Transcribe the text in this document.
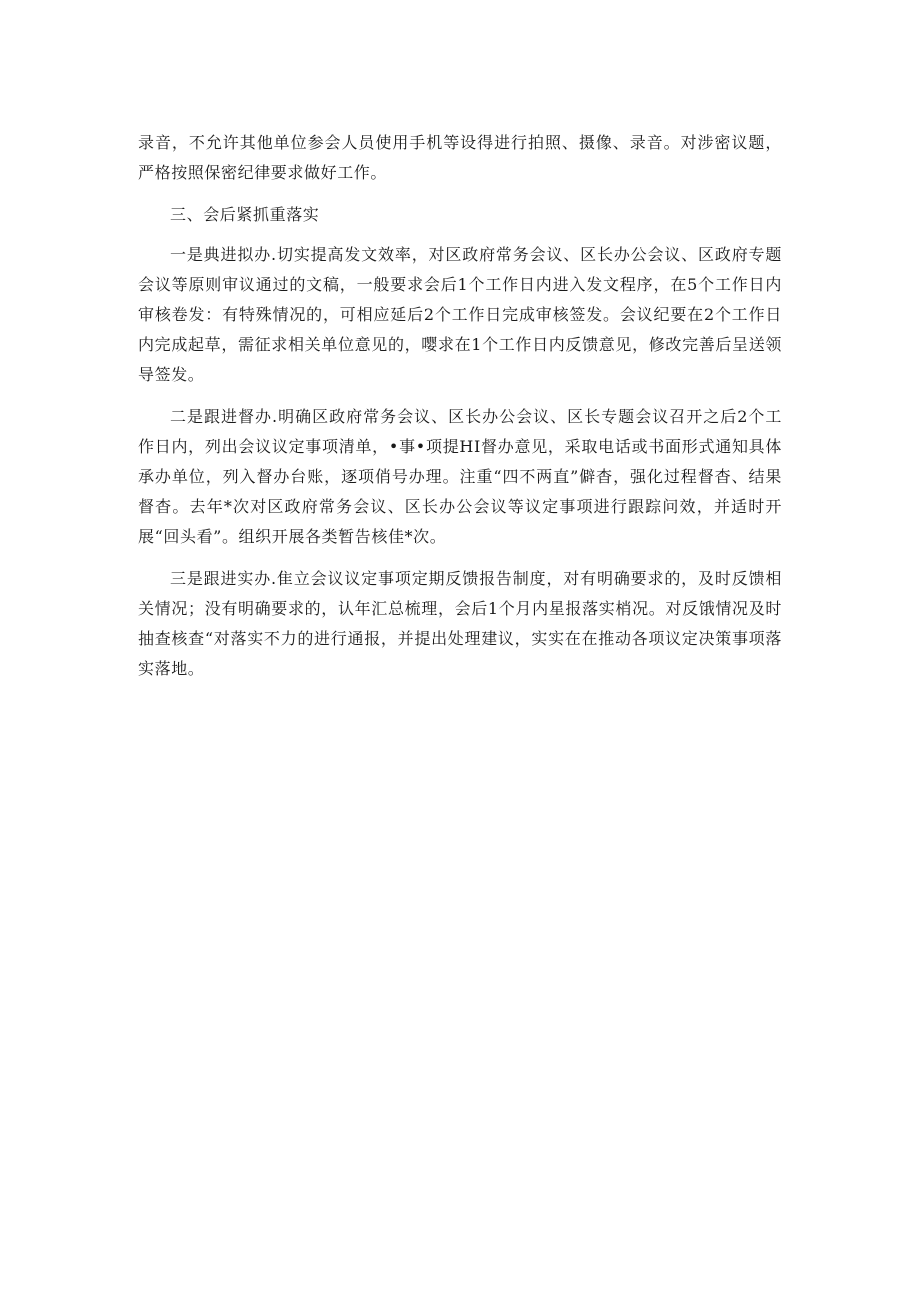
录音，不允许其他单位参会人员使用手机等设得进行拍照、摄像、录音。对涉密议题，严格按照保密纪律要求做好工作。

三、会后紧抓重落实

一是典进拟办.切实提高发文效率，对区政府常务会议、区长办公会议、区政府专题会议等原则审议通过的文稿，一般要求会后1个工作日内进入发文程序，在5个工作日内审核卷发：有特殊情况的，可相应延后2个工作日完成审核签发。会议纪要在2个工作日内完成起草，需征求相关单位意见的，嘤求在1个工作日内反馈意见，修改完善后呈送领导签发。

二是跟进督办.明确区政府常务会议、区长办公会议、区长专题会议召开之后2个工作日内，列出会议议定事项清单，•事•项提HI督办意见，采取电话或书面形式通知具体承办单位，列入督办台账，逐项俏号办理。注重“四不两直”僻杳，强化过程督杳、结果督杳。去年*次对区政府常务会议、区长办公会议等议定事项进行跟踪问效，并适时开展“回头看”。组织开展各类暂告核佳*次。

三是跟进实办.隹立会议议定事项定期反馈报告制度，对有明确要求的，及时反馈相关情况；没有明确要求的，认年汇总梳理，会后1个月内星报落实梢况。对反饿情况及时抽查核查“对落实不力的进行通报，并提出处理建议，实实在在推动各项议定决策事项落实落地。
